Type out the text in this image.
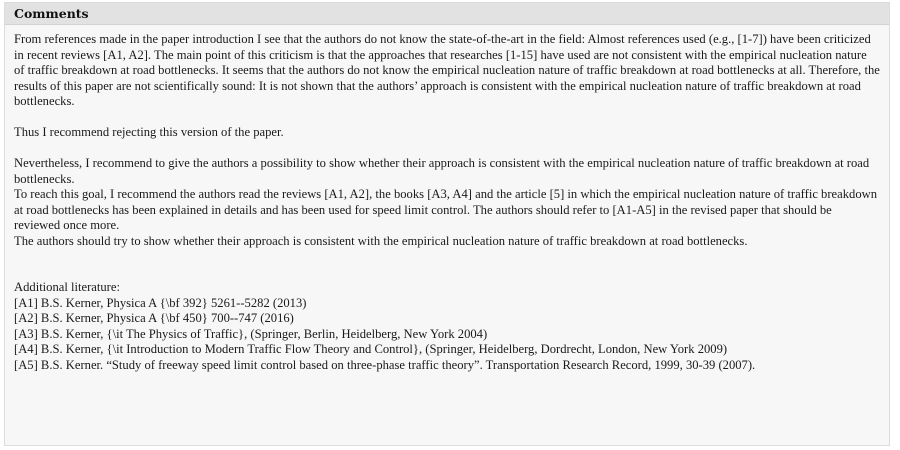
Comments

From references made in the paper introduction I see that the authors do not know the state-of-the-art in the field: Almost references used (e.g., [1-7]) have been criticized in recent reviews [A1, A2]. The main point of this criticism is that the approaches that researches [1-15] have used are not consistent with the empirical nucleation nature of traffic breakdown at road bottlenecks. It seems that the authors do not know the empirical nucleation nature of traffic breakdown at road bottlenecks at all. Therefore, the results of this paper are not scientifically sound: It is not shown that the authors’ approach is consistent with the empirical nucleation nature of traffic breakdown at road bottlenecks.

Thus I recommend rejecting this version of the paper.

Nevertheless, I recommend to give the authors a possibility to show whether their approach is consistent with the empirical nucleation nature of traffic breakdown at road bottlenecks.

To reach this goal, I recommend the authors read the reviews [A1, A2], the books [A3, A4] and the article [5] in which the empirical nucleation nature of traffic breakdown at road bottlenecks has been explained in details and has been used for speed limit control. The authors should refer to [A1-A5] in the revised paper that should be reviewed once more.

The authors should try to show whether their approach is consistent with the empirical nucleation nature of traffic breakdown at road bottlenecks.

Additional literature:
[A1] B.S. Kerner, Physica A {\bf 392} 5261--5282 (2013)
[A2] B.S. Kerner, Physica A {\bf 450} 700--747 (2016)
[A3] B.S. Kerner, {\it The Physics of Traffic}, (Springer, Berlin, Heidelberg, New York 2004)
[A4] B.S. Kerner, {\it Introduction to Modern Traffic Flow Theory and Control}, (Springer, Heidelberg, Dordrecht, London, New York 2009)
[A5] B.S. Kerner. “Study of freeway speed limit control based on three-phase traffic theory”. Transportation Research Record, 1999, 30-39 (2007).
